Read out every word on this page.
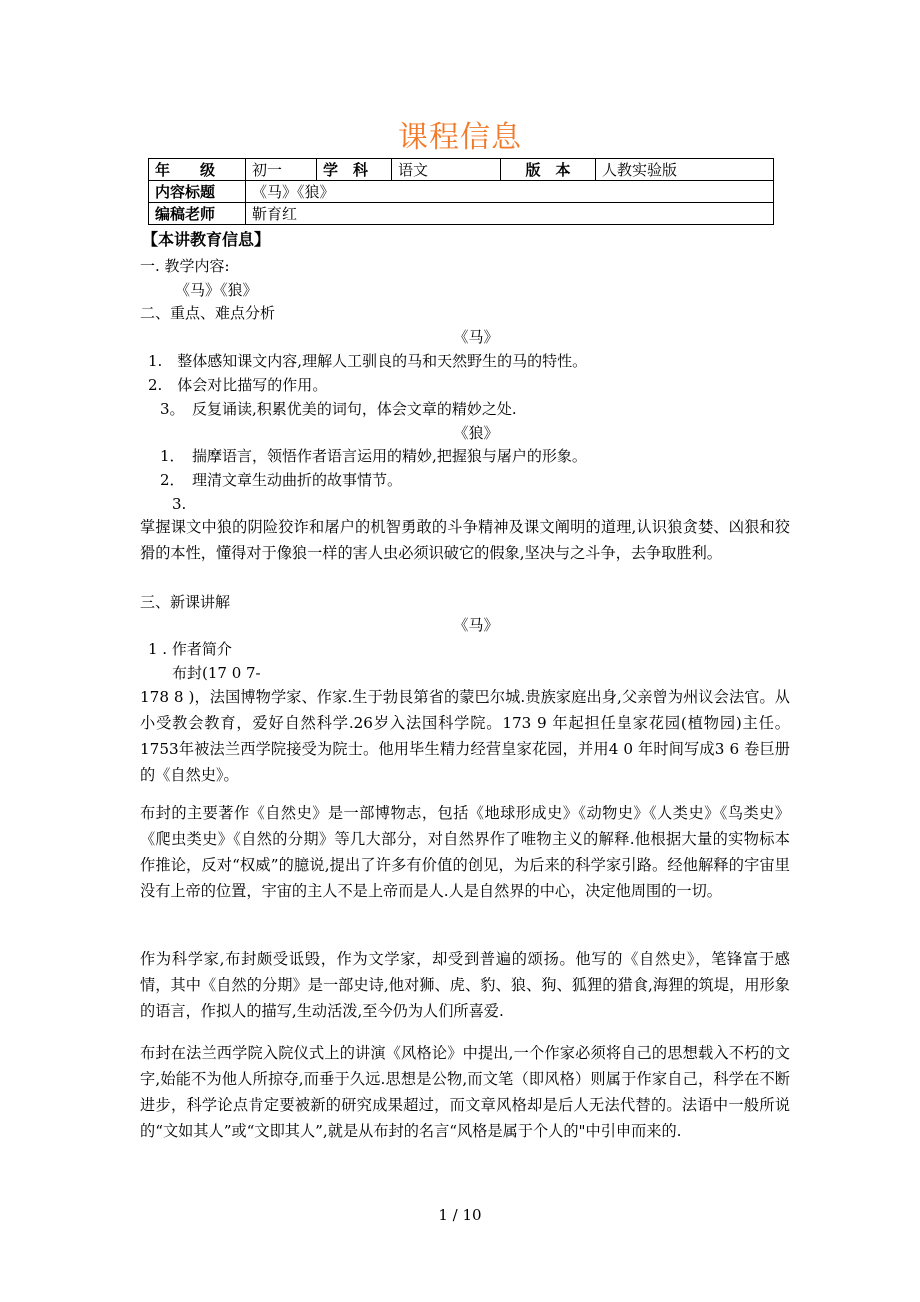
课程信息
年　　级	初一	学　科	语文	版　本	人教实验版
内容标题	《马》《狼》				
编稿老师	靳育红				
【本讲教育信息】
一. 教学内容:
《马》《狼》
二、重点、难点分析
《马》
1.　整体感知课文内容,理解人工驯良的马和天然野生的马的特性。
2.　体会对比描写的作用。
3。　反复诵读,积累优美的词句，体会文章的精妙之处.
《狼》
1．　揣摩语言，领悟作者语言运用的精妙,把握狼与屠户的形象。
2．　理清文章生动曲折的故事情节。
3.
掌握课文中狼的阴险狡诈和屠户的机智勇敢的斗争精神及课文阐明的道理,认识狼贪婪、凶狠和狡猾的本性，懂得对于像狼一样的害人虫必须识破它的假象,坚决与之斗争，去争取胜利。
三、新课讲解
《马》
1 . 作者简介
布封(17 0 7-
178 8 )，法国博物学家、作家.生于勃艮第省的蒙巴尔城.贵族家庭出身,父亲曾为州议会法官。从小受教会教育，爱好自然科学.26岁入法国科学院。173 9 年起担任皇家花园(植物园)主任。1753年被法兰西学院接受为院士。他用毕生精力经营皇家花园，并用4 0 年时间写成3 6 卷巨册的《自然史》。
布封的主要著作《自然史》是一部博物志，包括《地球形成史》《动物史》《人类史》《鸟类史》《爬虫类史》《自然的分期》等几大部分，对自然界作了唯物主义的解释.他根据大量的实物标本作推论，反对“权威”的臆说,提出了许多有价值的创见，为后来的科学家引路。经他解释的宇宙里没有上帝的位置，宇宙的主人不是上帝而是人.人是自然界的中心，决定他周围的一切。
作为科学家,布封颇受诋毁，作为文学家，却受到普遍的颂扬。他写的《自然史》，笔锋富于感情，其中《自然的分期》是一部史诗,他对狮、虎、豹、狼、狗、狐狸的猎食,海狸的筑堤，用形象的语言，作拟人的描写,生动活泼,至今仍为人们所喜爱.
布封在法兰西学院入院仪式上的讲演《风格论》中提出,一个作家必须将自己的思想载入不朽的文字,始能不为他人所掠夺,而垂于久远.思想是公物,而文笔（即风格）则属于作家自己，科学在不断进步，科学论点肯定要被新的研究成果超过，而文章风格却是后人无法代替的。法语中一般所说的“文如其人”或“文即其人”,就是从布封的名言“风格是属于个人的"中引申而来的.
1 / 10
